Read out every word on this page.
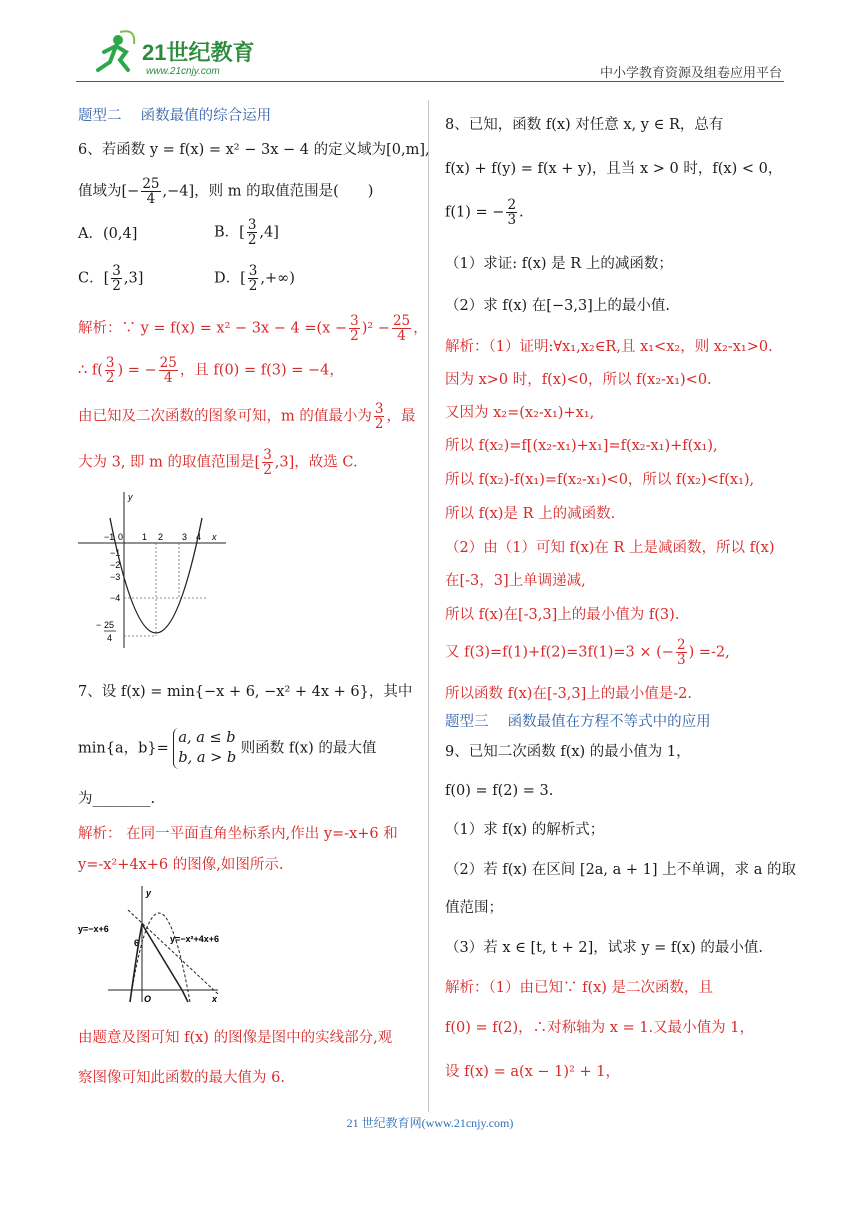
21世纪教育
www.21cnjy.com	中小学教育资源及组卷应用平台
题型二　 函数最值的综合运用
6、若函数 y = f(x) = x² − 3x − 4 的定义域为[0,m],
值域为[− $\frac{25}{4} ,-4$]，则 m 的取值范围是(　　)
A．(0,4]	B．[ $\frac{3}{2} ,4$]
C．[ $\frac{3}{2} ,3$]	D．[ $\frac{3}{2}$ ,+∞)
解析：∵ $y = f(x) = x^2 - 3x - 4 =(x - \frac{3}{2} )^2 - \frac{25}{4}$ ，
∴ $f( \frac{3}{2}$ ) = − $\frac{25}{4}$ ，且 f(0) = f(3) = −4，
由已知及二次函数的图象可知，m 的值最小为 $\frac{3}{2}$ ，最
大为 3, 即 m 的取值范围是[ $\frac{3}{2} ,3$]，故选 C.
y
x
−1 0 1 2 3 4
−1
−2
−3
−4
− 25
4
7、设 f(x) = min{−x + 6, −x² + 4x + 6}，其中
min{a，b}=
a, a ≤ b
b, a > b
则函数 f(x) 的最大值
为________.
解析： 在同一平面直角坐标系内,作出 y=-x+6 和
y=-x²+4x+6 的图像,如图所示.
y
x
O
6
y=−x+6
y=−x²+4x+6
由题意及图可知 f(x) 的图像是图中的实线部分,观
察图像可知此函数的最大值为 6.
8、已知，函数 f(x) 对任意 x, y ∈ R，总有
f(x) + f(y) = f(x + y)，且当 x > 0 时，f(x) < 0，
f(1) = − $\frac{2}{3}$ .
（1）求证: f(x) 是 R 上的减函数；
（2）求 f(x) 在[−3,3]上的最小值.
解析：（1）证明:∀x₁,x₂∈R,且 x₁<x₂，则 x₂-x₁>0.
因为 x>0 时，f(x)<0，所以 f(x₂-x₁)<0.
又因为 x₂=(x₂-x₁)+x₁,
所以 f(x₂)=f[(x₂-x₁)+x₁]=f(x₂-x₁)+f(x₁),
所以 f(x₂)-f(x₁)=f(x₂-x₁)<0，所以 f(x₂)<f(x₁),
所以 f(x)是 R 上的减函数.
（2）由（1）可知 f(x)在 R 上是减函数，所以 f(x)
在[-3，3]上单调递减,
所以 f(x)在[-3,3]上的最小值为 f(3).
又 f(3)=f(1)+f(2)=3f(1)=3 × (− $\frac{2}{3}$ ) =-2,
所以函数 f(x)在[-3,3]上的最小值是-2.
题型三　 函数最值在方程不等式中的应用
9、已知二次函数 f(x) 的最小值为 1，
f(0) = f(2) = 3.
（1）求 f(x) 的解析式；
（2）若 f(x) 在区间 [2a, a + 1] 上不单调，求 a 的取
值范围；
（3）若 x ∈ [t, t + 2]，试求 y = f(x) 的最小值.
解析：（1）由已知∵ f(x) 是二次函数，且
f(0) = f(2)，∴对称轴为 x = 1.又最小值为 1，
设 f(x) = a(x − 1)² + 1，
21 世纪教育网(www.21cnjy.com)
